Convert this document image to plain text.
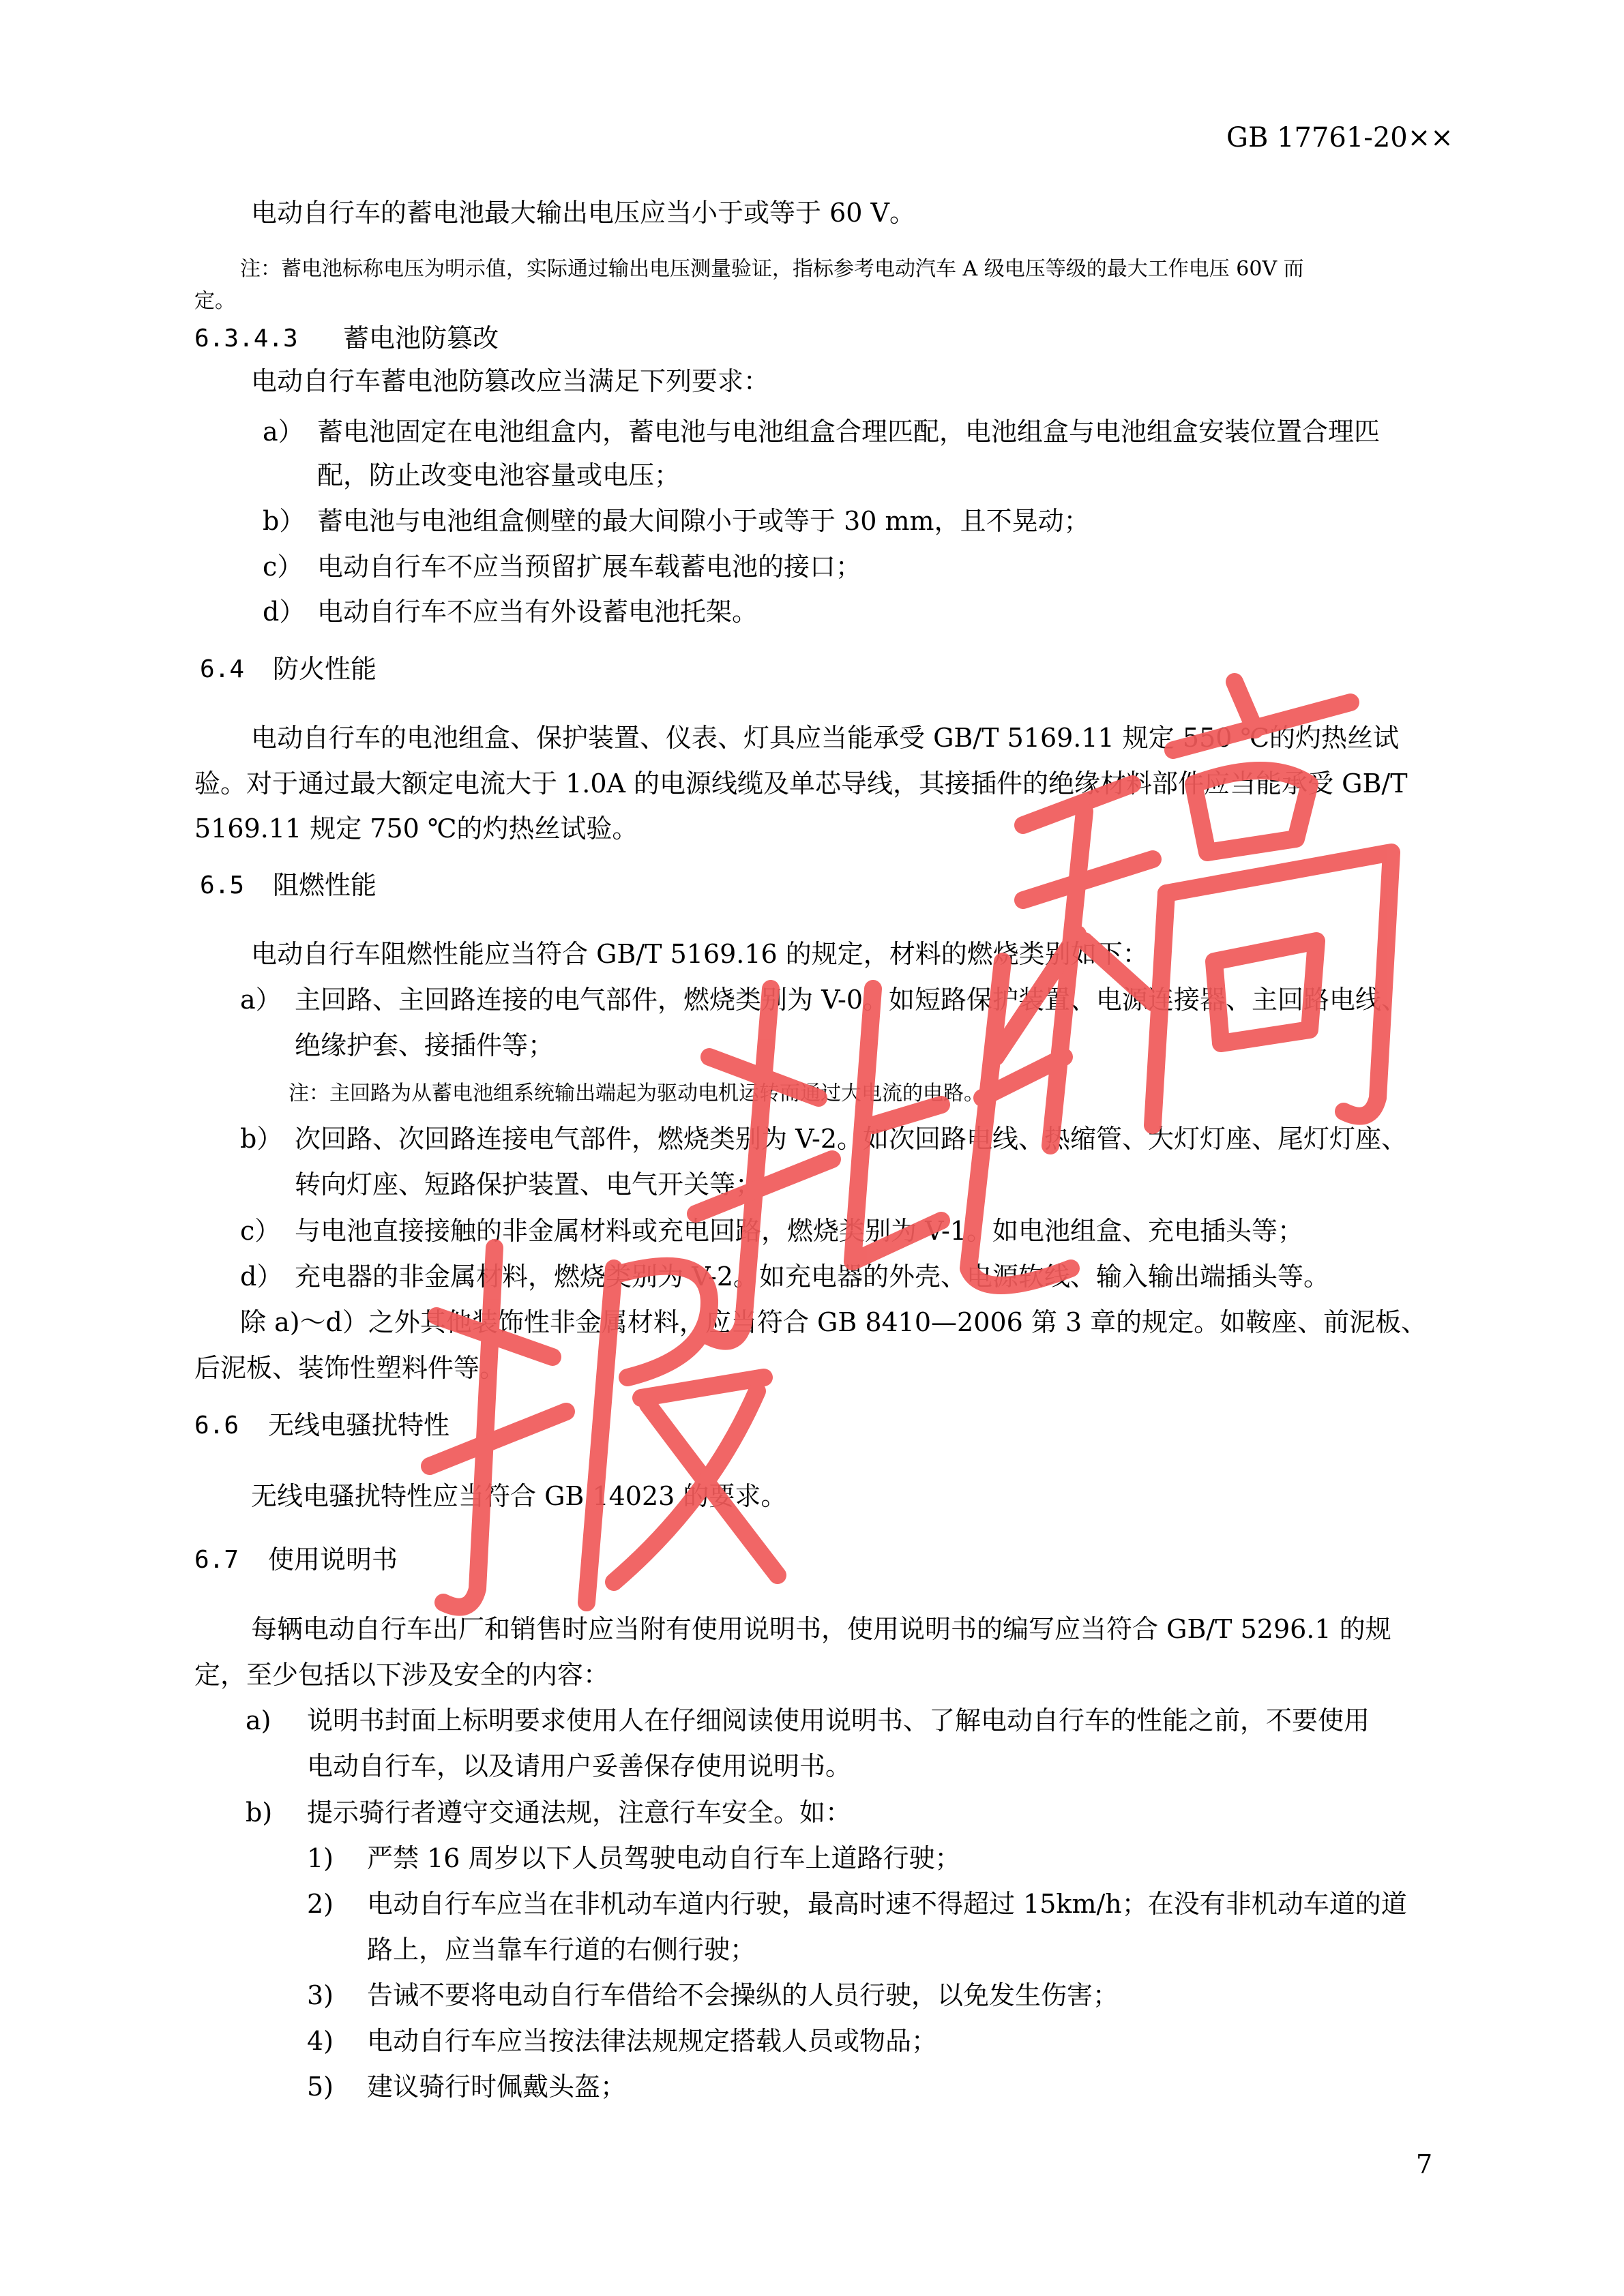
GB 17761-20××
电动自行车的蓄电池最大输出电压应当小于或等于 60 V。
注：蓄电池标称电压为明示值，实际通过输出电压测量验证，指标参考电动汽车 A 级电压等级的最大工作电压 60V 而
定。
6.3.4.3 蓄电池防篡改
电动自行车蓄电池防篡改应当满足下列要求：
a） 蓄电池固定在电池组盒内，蓄电池与电池组盒合理匹配，电池组盒与电池组盒安装位置合理匹
配，防止改变电池容量或电压；
b） 蓄电池与电池组盒侧壁的最大间隙小于或等于 30 mm，且不晃动；
c） 电动自行车不应当预留扩展车载蓄电池的接口；
d） 电动自行车不应当有外设蓄电池托架。
6.4 防火性能
电动自行车的电池组盒、保护装置、仪表、灯具应当能承受 GB/T 5169.11 规定 550 ℃的灼热丝试
验。对于通过最大额定电流大于 1.0A 的电源线缆及单芯导线，其接插件的绝缘材料部件应当能承受 GB/T
5169.11 规定 750 ℃的灼热丝试验。
6.5 阻燃性能
电动自行车阻燃性能应当符合 GB/T 5169.16 的规定，材料的燃烧类别如下：
a） 主回路、主回路连接的电气部件，燃烧类别为 V-0。如短路保护装置、电源连接器、主回路电线、
绝缘护套、接插件等；
注：主回路为从蓄电池组系统输出端起为驱动电机运转而通过大电流的电路。
b） 次回路、次回路连接电气部件，燃烧类别为 V-2。如次回路电线、热缩管、大灯灯座、尾灯灯座、
转向灯座、短路保护装置、电气开关等；
c） 与电池直接接触的非金属材料或充电回路，燃烧类别为 V-1。如电池组盒、充电插头等；
d） 充电器的非金属材料，燃烧类别为 V-2。如充电器的外壳、电源软线、输入输出端插头等。
除 a)～d）之外其他装饰性非金属材料，应当符合 GB 8410—2006 第 3 章的规定。如鞍座、前泥板、
后泥板、装饰性塑料件等。
6.6 无线电骚扰特性
无线电骚扰特性应当符合 GB 14023 的要求。
6.7 使用说明书
每辆电动自行车出厂和销售时应当附有使用说明书，使用说明书的编写应当符合 GB/T 5296.1 的规
定，至少包括以下涉及安全的内容：
a) 说明书封面上标明要求使用人在仔细阅读使用说明书、了解电动自行车的性能之前，不要使用
电动自行车，以及请用户妥善保存使用说明书。
b) 提示骑行者遵守交通法规，注意行车安全。如：
1) 严禁 16 周岁以下人员驾驶电动自行车上道路行驶；
2) 电动自行车应当在非机动车道内行驶，最高时速不得超过 15km/h；在没有非机动车道的道
路上，应当靠车行道的右侧行驶；
3) 告诫不要将电动自行车借给不会操纵的人员行驶，以免发生伤害；
4) 电动自行车应当按法律法规规定搭载人员或物品；
5) 建议骑行时佩戴头盔；
7
